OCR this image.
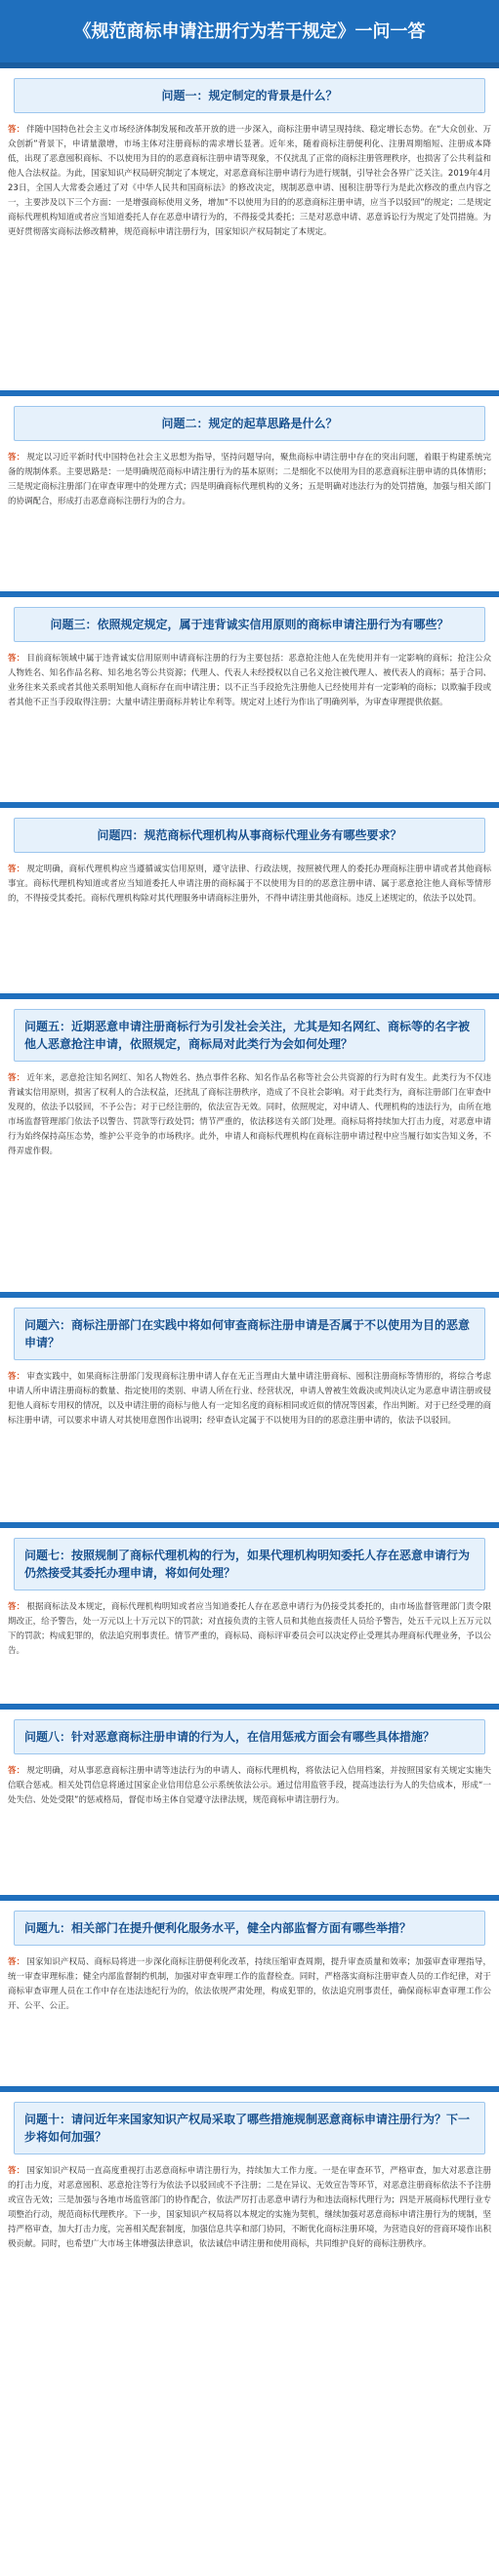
《规范商标申请注册行为若干规定》一问一答
问题一：规定制定的背景是什么？
答： 伴随中国特色社会主义市场经济体制发展和改革开放的进一步深入，商标注册申请呈现持续、稳定增长态势。在“大众创业、万众创新”背景下，申请量激增，市场主体对注册商标的需求增长显著。近年来，随着商标注册便利化、注册周期缩短、注册成本降低，出现了恶意囤积商标、不以使用为目的的恶意商标注册申请等现象，不仅扰乱了正常的商标注册管理秩序，也损害了公共利益和他人合法权益。为此，国家知识产权局研究制定了本规定，对恶意商标注册申请行为进行规制，引导社会各界广泛关注。2019年4月23日，全国人大常委会通过了对《中华人民共和国商标法》的修改决定，规制恶意申请、囤积注册等行为是此次修改的重点内容之一，主要涉及以下三个方面：一是增强商标使用义务，增加“不以使用为目的的恶意商标注册申请，应当予以驳回”的规定；二是规定商标代理机构知道或者应当知道委托人存在恶意申请行为的，不得接受其委托；三是对恶意申请、恶意诉讼行为规定了处罚措施。为更好贯彻落实商标法修改精神，规范商标申请注册行为，国家知识产权局制定了本规定。
问题二：规定的起草思路是什么？
答： 规定以习近平新时代中国特色社会主义思想为指导，坚持问题导向，聚焦商标申请注册中存在的突出问题，着眼于构建系统完备的规制体系。主要思路是：一是明确规范商标申请注册行为的基本原则；二是细化不以使用为目的恶意商标注册申请的具体情形；三是规定商标注册部门在审查审理中的处理方式；四是明确商标代理机构的义务；五是明确对违法行为的处罚措施，加强与相关部门的协调配合，形成打击恶意商标注册行为的合力。
问题三：依照规定规定，属于违背诚实信用原则的商标申请注册行为有哪些？
答： 目前商标领域中属于违背诚实信用原则申请商标注册的行为主要包括：恶意抢注他人在先使用并有一定影响的商标；抢注公众人物姓名、知名作品名称、知名地名等公共资源；代理人、代表人未经授权以自己名义抢注被代理人、被代表人的商标；基于合同、业务往来关系或者其他关系明知他人商标存在而申请注册；以不正当手段抢先注册他人已经使用并有一定影响的商标；以欺骗手段或者其他不正当手段取得注册；大量申请注册商标并转让牟利等。规定对上述行为作出了明确列举，为审查审理提供依据。
问题四：规范商标代理机构从事商标代理业务有哪些要求？
答： 规定明确，商标代理机构应当遵循诚实信用原则，遵守法律、行政法规，按照被代理人的委托办理商标注册申请或者其他商标事宜。商标代理机构知道或者应当知道委托人申请注册的商标属于不以使用为目的的恶意注册申请、属于恶意抢注他人商标等情形的，不得接受其委托。商标代理机构除对其代理服务申请商标注册外，不得申请注册其他商标。违反上述规定的，依法予以处罚。
问题五：近期恶意申请注册商标行为引发社会关注，尤其是知名网红、商标等的名字被他人恶意抢注申请，依照规定，商标局对此类行为会如何处理？
答： 近年来，恶意抢注知名网红、知名人物姓名、热点事件名称、知名作品名称等社会公共资源的行为时有发生。此类行为不仅违背诚实信用原则，损害了权利人的合法权益，还扰乱了商标注册秩序，造成了不良社会影响。对于此类行为，商标注册部门在审查中发现的，依法予以驳回，不予公告；对于已经注册的，依法宣告无效。同时，依照规定，对申请人、代理机构的违法行为，由所在地市场监督管理部门依法予以警告、罚款等行政处罚；情节严重的，依法移送有关部门处理。商标局将持续加大打击力度，对恶意申请行为始终保持高压态势，维护公平竞争的市场秩序。此外，申请人和商标代理机构在商标注册申请过程中应当履行如实告知义务，不得弄虚作假。
问题六：商标注册部门在实践中将如何审查商标注册申请是否属于不以使用为目的恶意申请？
答： 审查实践中，如果商标注册部门发现商标注册申请人存在无正当理由大量申请注册商标、囤积注册商标等情形的，将综合考虑申请人所申请注册商标的数量、指定使用的类别、申请人所在行业、经营状况，申请人曾被生效裁决或判决认定为恶意申请注册或侵犯他人商标专用权的情况，以及申请注册的商标与他人有一定知名度的商标相同或近似的情况等因素，作出判断。对于已经受理的商标注册申请，可以要求申请人对其使用意图作出说明；经审查认定属于不以使用为目的的恶意注册申请的，依法予以驳回。
问题七：按照规制了商标代理机构的行为，如果代理机构明知委托人存在恶意申请行为仍然接受其委托办理申请，将如何处理？
答： 根据商标法及本规定，商标代理机构明知或者应当知道委托人存在恶意申请行为仍接受其委托的，由市场监督管理部门责令限期改正，给予警告，处一万元以上十万元以下的罚款；对直接负责的主管人员和其他直接责任人员给予警告，处五千元以上五万元以下的罚款；构成犯罪的，依法追究刑事责任。情节严重的，商标局、商标评审委员会可以决定停止受理其办理商标代理业务，予以公告。
问题八：针对恶意商标注册申请的行为人，在信用惩戒方面会有哪些具体措施？
答： 规定明确，对从事恶意商标注册申请等违法行为的申请人、商标代理机构，将依法记入信用档案，并按照国家有关规定实施失信联合惩戒。相关处罚信息将通过国家企业信用信息公示系统依法公示。通过信用监管手段，提高违法行为人的失信成本，形成“一处失信、处处受限”的惩戒格局，督促市场主体自觉遵守法律法规，规范商标申请注册行为。
问题九：相关部门在提升便利化服务水平，健全内部监督方面有哪些举措？
答： 国家知识产权局、商标局将进一步深化商标注册便利化改革，持续压缩审查周期，提升审查质量和效率；加强审查审理指导，统一审查审理标准；健全内部监督制约机制，加强对审查审理工作的监督检查。同时，严格落实商标注册审查人员的工作纪律，对于商标审查审理人员在工作中存在违法违纪行为的，依法依规严肃处理，构成犯罪的，依法追究刑事责任，确保商标审查审理工作公开、公平、公正。
问题十：请问近年来国家知识产权局采取了哪些措施规制恶意商标申请注册行为？下一步将如何加强？
答： 国家知识产权局一直高度重视打击恶意商标申请注册行为，持续加大工作力度。一是在审查环节，严格审查，加大对恶意注册的打击力度，对恶意囤积、恶意抢注等行为依法予以驳回或不予注册；二是在异议、无效宣告等环节，对恶意注册商标依法不予注册或宣告无效；三是加强与各地市场监管部门的协作配合，依法严厉打击恶意申请行为和违法商标代理行为；四是开展商标代理行业专项整治行动，规范商标代理秩序。下一步，国家知识产权局将以本规定的实施为契机，继续加强对恶意商标申请注册行为的规制，坚持严格审查，加大打击力度，完善相关配套制度，加强信息共享和部门协同，不断优化商标注册环境，为营造良好的营商环境作出积极贡献。同时，也希望广大市场主体增强法律意识，依法诚信申请注册和使用商标，共同维护良好的商标注册秩序。
